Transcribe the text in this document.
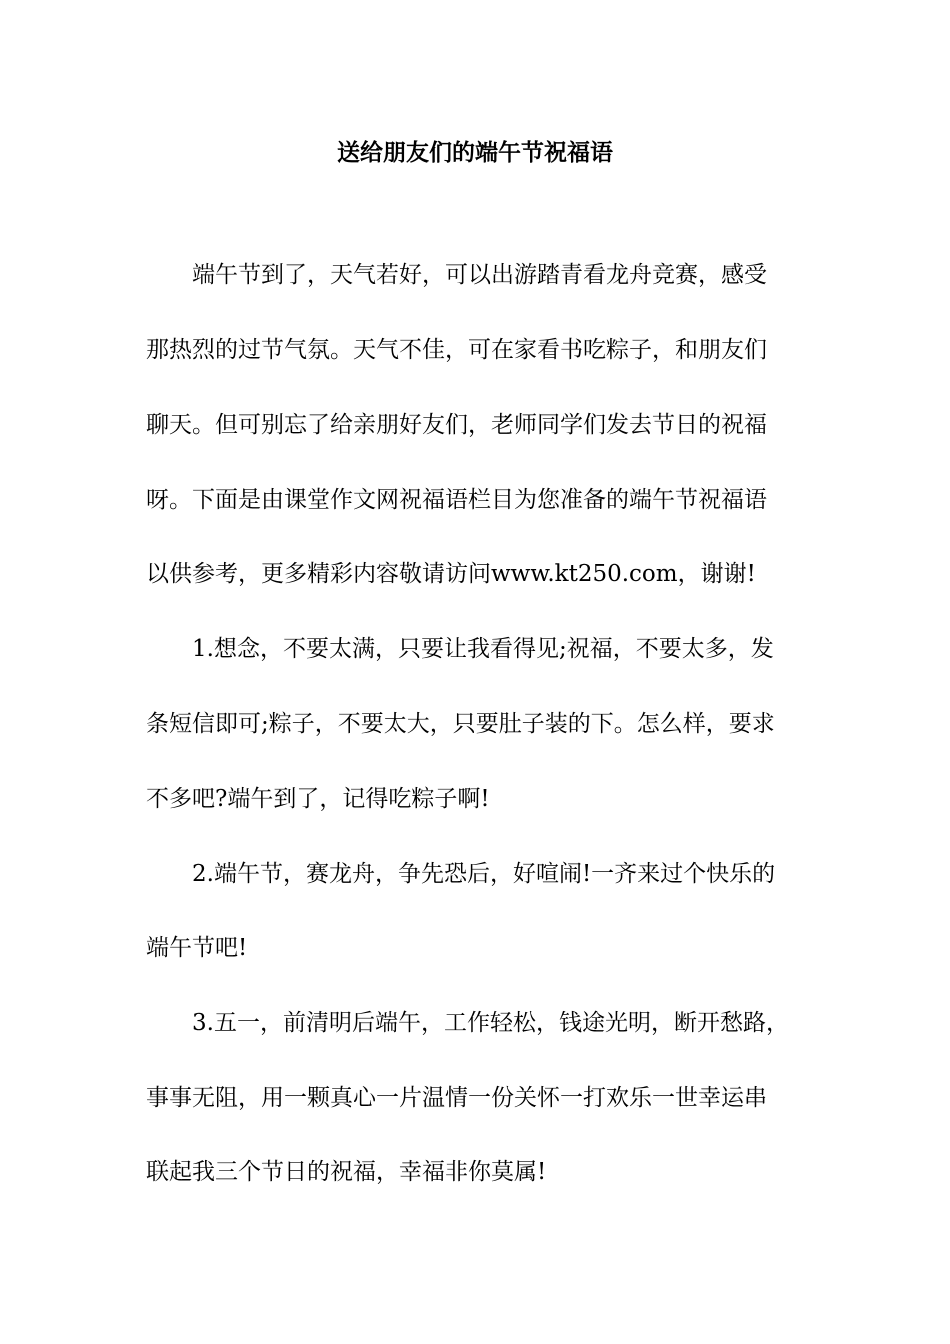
送给朋友们的端午节祝福语
端午节到了，天气若好，可以出游踏青看龙舟竞赛，感受
那热烈的过节气氛。天气不佳，可在家看书吃粽子，和朋友们
聊天。但可别忘了给亲朋好友们，老师同学们发去节日的祝福
呀。下面是由课堂作文网祝福语栏目为您准备的端午节祝福语
以供参考，更多精彩内容敬请访问www.kt250.com，谢谢!
1.想念，不要太满，只要让我看得见;祝福，不要太多，发
条短信即可;粽子，不要太大，只要肚子装的下。怎么样，要求
不多吧?端午到了，记得吃粽子啊!
2.端午节，赛龙舟，争先恐后，好喧闹!一齐来过个快乐的
端午节吧!
3.五一，前清明后端午，工作轻松，钱途光明，断开愁路，
事事无阻，用一颗真心一片温情一份关怀一打欢乐一世幸运串
联起我三个节日的祝福，幸福非你莫属!
